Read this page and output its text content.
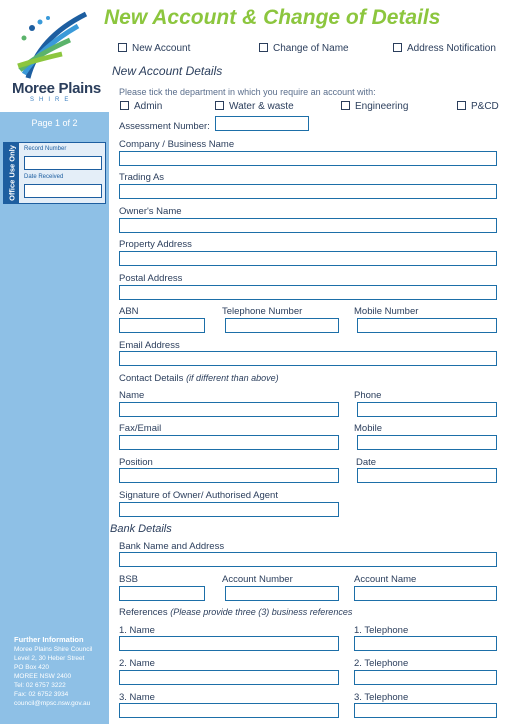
Moree Plains
SHIRE
Page 1 of 2
Office Use Only Record Number
Date Received
Further Information
Moree Plains Shire Council
Level 2, 30 Heber Street
PO Box 420
MOREE NSW 2400
Tel: 02 6757 3222
Fax: 02 6752 3934
council@mpsc.nsw.gov.au
New Account & Change of Details
New Account	Change of Name	Address Notification
New Account Details
Please tick the department in which you require an account with:
Admin	Water & waste	Engineering	P&CD
Assessment Number:
Company / Business Name
Trading As
Owner's Name
Property Address
Postal Address
ABN	Telephone Number	Mobile Number
Email Address
Contact Details (if different than above)
Name	Phone
Fax/Email	Mobile
Position	Date
Signature of Owner/ Authorised Agent
Bank Details
Bank Name and Address
BSB	Account Number	Account Name
References (Please provide three (3) business references
1. Name	1. Telephone
2. Name	2. Telephone
3. Name	3. Telephone
